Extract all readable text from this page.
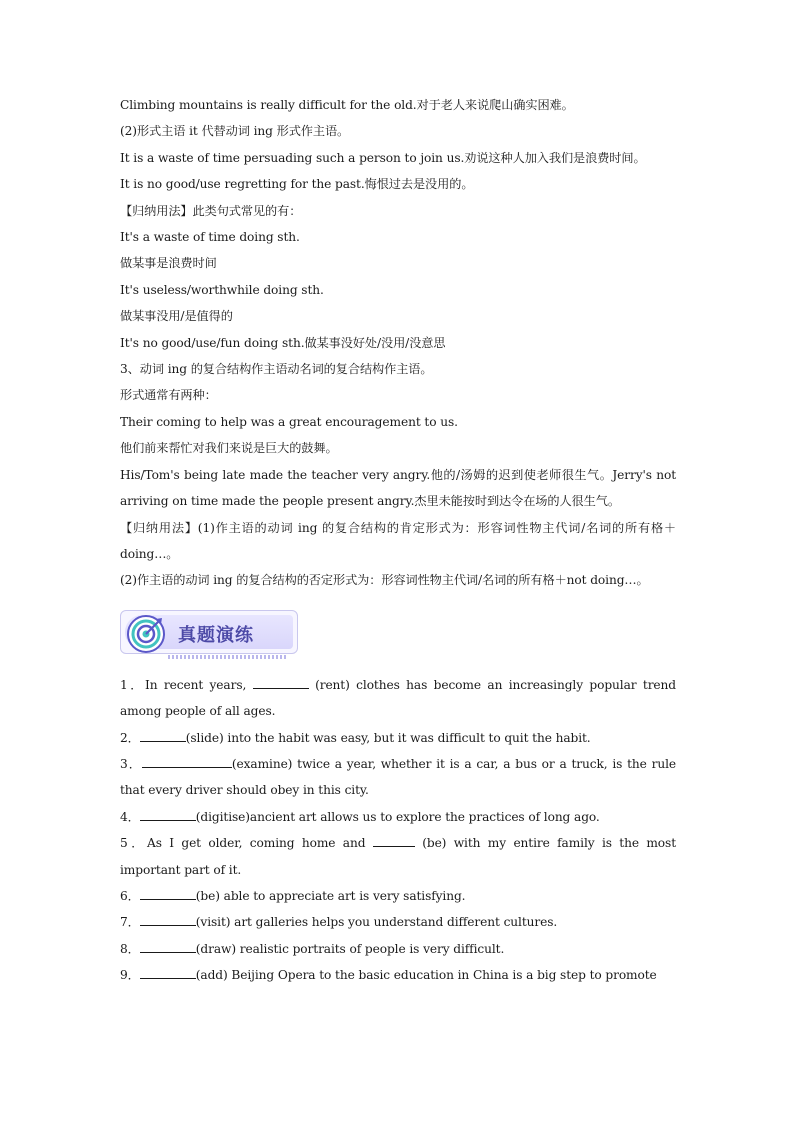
Climbing mountains is really difficult for the old.对于老人来说爬山确实困难。
(2)形式主语 it 代替动词 ing 形式作主语。
It is a waste of time persuading such a person to join us.劝说这种人加入我们是浪费时间。
It is no good/use regretting for the past.悔恨过去是没用的。
【归纳用法】此类句式常见的有：
It's a waste of time doing sth.
做某事是浪费时间
It's useless/worthwhile doing sth.
做某事没用/是值得的
It's no good/use/fun doing sth.做某事没好处/没用/没意思
3、动词 ing 的复合结构作主语动名词的复合结构作主语。
形式通常有两种：
Their coming to help was a great encouragement to us.
他们前来帮忙对我们来说是巨大的鼓舞。
His/Tom's being late made the teacher very angry.他的/汤姆的迟到使老师很生气。Jerry's not arriving on time made the people present angry.杰里未能按时到达令在场的人很生气。
【归纳用法】(1)作主语的动词 ing 的复合结构的肯定形式为：形容词性物主代词/名词的所有格＋doing…。
(2)作主语的动词 ing 的复合结构的否定形式为：形容词性物主代词/名词的所有格＋not doing…。
真题演练
1．In recent years,	(rent) clothes has become an increasingly popular trend among people of all ages.
2．	(slide) into the habit was easy, but it was difficult to quit the habit.
3．	(examine) twice a year, whether it is a car, a bus or a truck, is the rule that every driver should obey in this city.
4．	(digitise)ancient art allows us to explore the practices of long ago.
5．As I get older, coming home and	(be) with my entire family is the most important part of it.
6．	(be) able to appreciate art is very satisfying.
7．	(visit) art galleries helps you understand different cultures.
8．	(draw) realistic portraits of people is very difficult.
9．	(add) Beijing Opera to the basic education in China is a big step to promote
